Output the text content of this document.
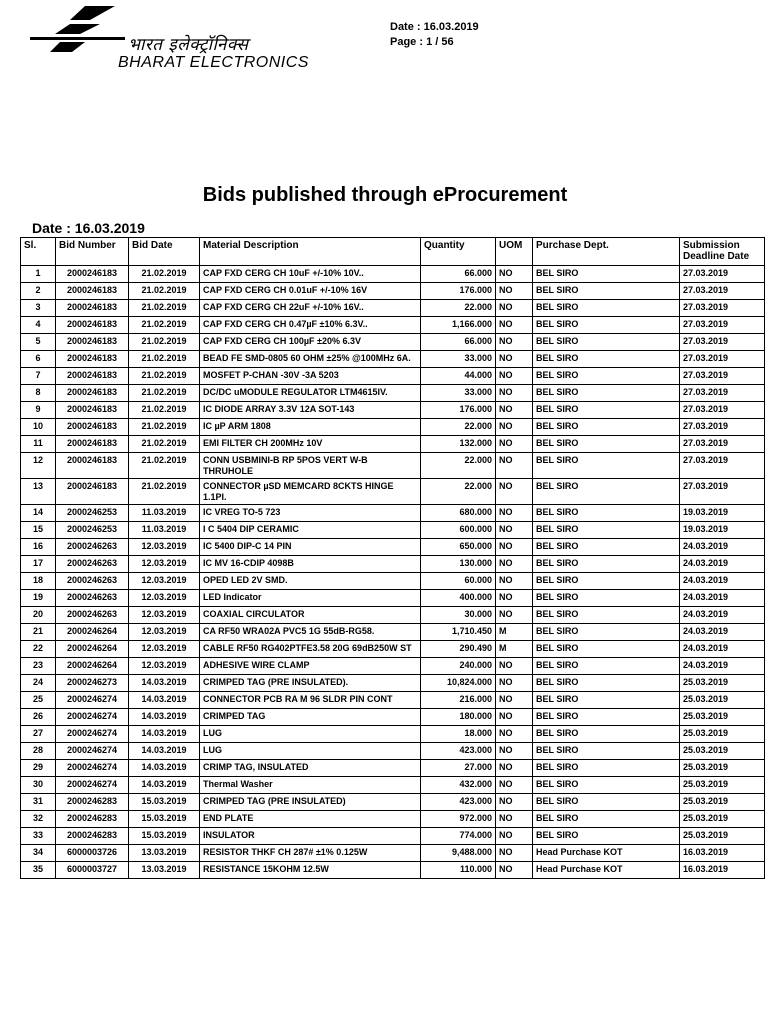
भारत इलेक्ट्रॉनिक्स
BHARAT ELECTRONICS
Date : 16.03.2019
Page : 1 / 56
Bids published through eProcurement
Date : 16.03.2019
Sl.	Bid Number	Bid Date	Material Description	Quantity	UOM	Purchase Dept.	Submission Deadline Date
1	2000246183	21.02.2019	CAP FXD CERG CH 10uF +/-10% 10V..	66.000	NO	BEL SIRO	27.03.2019
2	2000246183	21.02.2019	CAP FXD CERG CH 0.01uF +/-10% 16V	176.000	NO	BEL SIRO	27.03.2019
3	2000246183	21.02.2019	CAP FXD CERG CH 22uF +/-10% 16V..	22.000	NO	BEL SIRO	27.03.2019
4	2000246183	21.02.2019	CAP FXD CERG CH 0.47µF ±10% 6.3V..	1,166.000	NO	BEL SIRO	27.03.2019
5	2000246183	21.02.2019	CAP FXD CERG CH 100µF ±20% 6.3V	66.000	NO	BEL SIRO	27.03.2019
6	2000246183	21.02.2019	BEAD FE SMD-0805 60 OHM ±25% @100MHz 6A.	33.000	NO	BEL SIRO	27.03.2019
7	2000246183	21.02.2019	MOSFET P-CHAN -30V -3A 5203	44.000	NO	BEL SIRO	27.03.2019
8	2000246183	21.02.2019	DC/DC uMODULE REGULATOR LTM4615IV.	33.000	NO	BEL SIRO	27.03.2019
9	2000246183	21.02.2019	IC DIODE ARRAY 3.3V 12A SOT-143	176.000	NO	BEL SIRO	27.03.2019
10	2000246183	21.02.2019	IC µP ARM 1808	22.000	NO	BEL SIRO	27.03.2019
11	2000246183	21.02.2019	EMI FILTER CH 200MHz 10V	132.000	NO	BEL SIRO	27.03.2019
12	2000246183	21.02.2019	CONN USBMINI-B RP 5POS VERT W-B THRUHOLE	22.000	NO	BEL SIRO	27.03.2019
13	2000246183	21.02.2019	CONNECTOR µSD MEMCARD 8CKTS HINGE 1.1PI.	22.000	NO	BEL SIRO	27.03.2019
14	2000246253	11.03.2019	IC VREG TO-5 723	680.000	NO	BEL SIRO	19.03.2019
15	2000246253	11.03.2019	I C 5404 DIP CERAMIC	600.000	NO	BEL SIRO	19.03.2019
16	2000246263	12.03.2019	IC 5400 DIP-C 14 PIN	650.000	NO	BEL SIRO	24.03.2019
17	2000246263	12.03.2019	IC MV 16-CDIP 4098B	130.000	NO	BEL SIRO	24.03.2019
18	2000246263	12.03.2019	OPED LED 2V SMD.	60.000	NO	BEL SIRO	24.03.2019
19	2000246263	12.03.2019	LED Indicator	400.000	NO	BEL SIRO	24.03.2019
20	2000246263	12.03.2019	COAXIAL CIRCULATOR	30.000	NO	BEL SIRO	24.03.2019
21	2000246264	12.03.2019	CA RF50 WRA02A PVC5 1G 55dB-RG58.	1,710.450	M	BEL SIRO	24.03.2019
22	2000246264	12.03.2019	CABLE RF50 RG402PTFE3.58 20G 69dB250W ST	290.490	M	BEL SIRO	24.03.2019
23	2000246264	12.03.2019	ADHESIVE WIRE CLAMP	240.000	NO	BEL SIRO	24.03.2019
24	2000246273	14.03.2019	CRIMPED TAG (PRE INSULATED).	10,824.000	NO	BEL SIRO	25.03.2019
25	2000246274	14.03.2019	CONNECTOR PCB RA M 96 SLDR PIN CONT	216.000	NO	BEL SIRO	25.03.2019
26	2000246274	14.03.2019	CRIMPED TAG	180.000	NO	BEL SIRO	25.03.2019
27	2000246274	14.03.2019	LUG	18.000	NO	BEL SIRO	25.03.2019
28	2000246274	14.03.2019	LUG	423.000	NO	BEL SIRO	25.03.2019
29	2000246274	14.03.2019	CRIMP TAG, INSULATED	27.000	NO	BEL SIRO	25.03.2019
30	2000246274	14.03.2019	Thermal Washer	432.000	NO	BEL SIRO	25.03.2019
31	2000246283	15.03.2019	CRIMPED TAG (PRE INSULATED)	423.000	NO	BEL SIRO	25.03.2019
32	2000246283	15.03.2019	END PLATE	972.000	NO	BEL SIRO	25.03.2019
33	2000246283	15.03.2019	INSULATOR	774.000	NO	BEL SIRO	25.03.2019
34	6000003726	13.03.2019	RESISTOR THKF CH 287# ±1% 0.125W	9,488.000	NO	Head Purchase KOT	16.03.2019
35	6000003727	13.03.2019	RESISTANCE 15KOHM 12.5W	110.000	NO	Head Purchase KOT	16.03.2019
